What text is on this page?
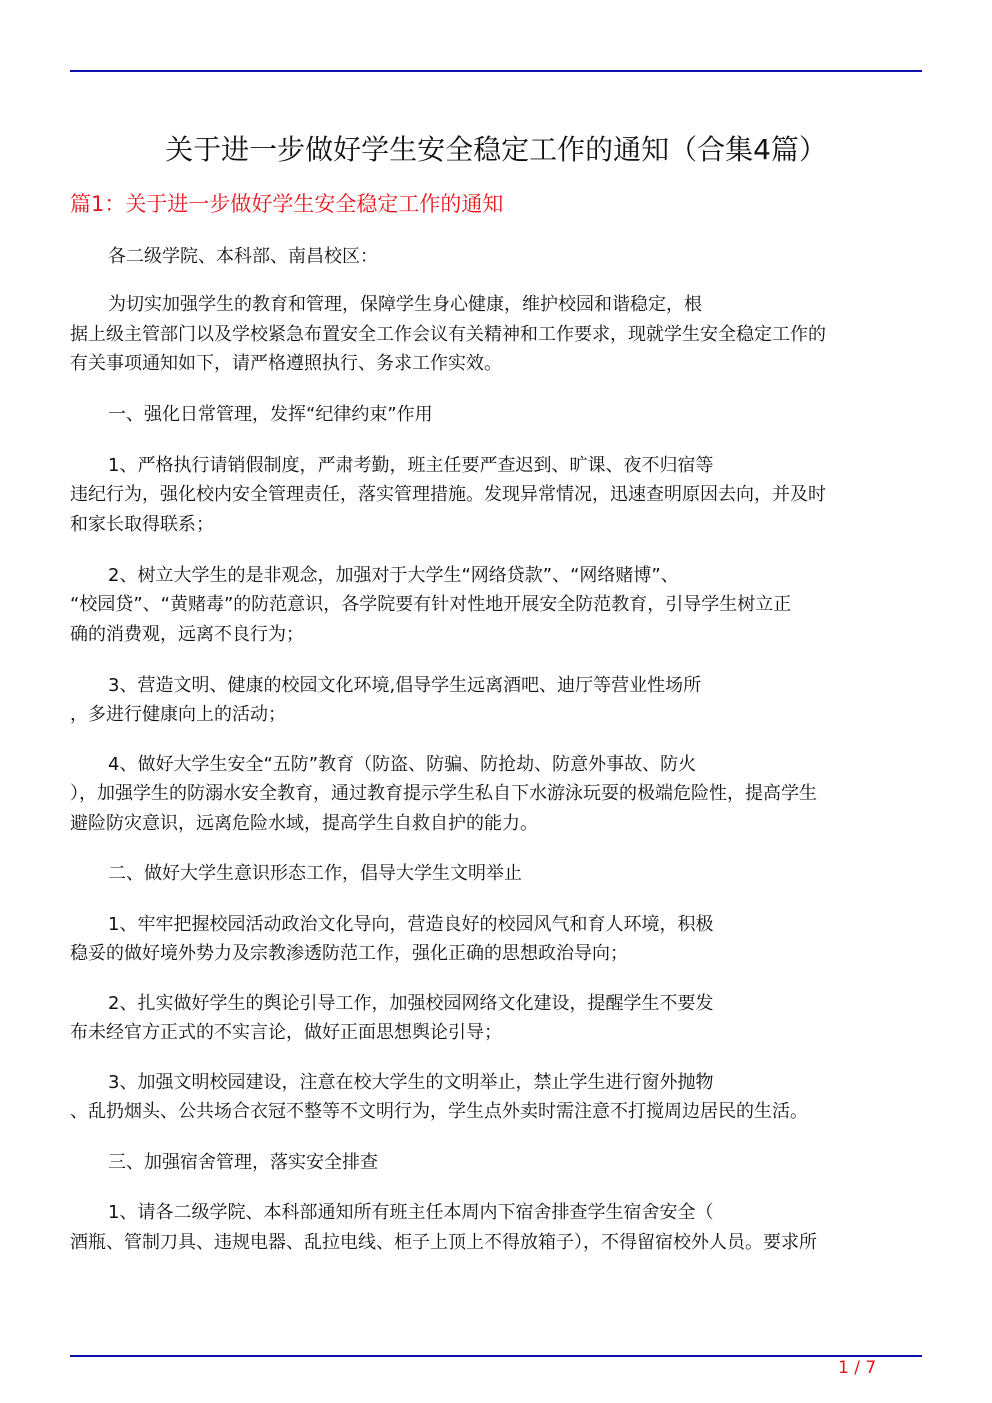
关于进一步做好学生安全稳定工作的通知（合集4篇）
篇1：关于进一步做好学生安全稳定工作的通知
各二级学院、本科部、南昌校区：
为切实加强学生的教育和管理，保障学生身心健康，维护校园和谐稳定，根
据上级主管部门以及学校紧急布置安全工作会议有关精神和工作要求，现就学生安全稳定工作的
有关事项通知如下，请严格遵照执行、务求工作实效。
一、强化日常管理，发挥“纪律约束”作用
1、严格执行请销假制度，严肃考勤，班主任要严查迟到、旷课、夜不归宿等
违纪行为，强化校内安全管理责任，落实管理措施。发现异常情况，迅速查明原因去向，并及时
和家长取得联系；
2、树立大学生的是非观念，加强对于大学生“网络贷款”、“网络赌博”、
“校园贷”、“黄赌毒”的防范意识，各学院要有针对性地开展安全防范教育，引导学生树立正
确的消费观，远离不良行为；
3、营造文明、健康的校园文化环境,倡导学生远离酒吧、迪厅等营业性场所
，多进行健康向上的活动；
4、做好大学生安全“五防”教育（防盗、防骗、防抢劫、防意外事故、防火
），加强学生的防溺水安全教育，通过教育提示学生私自下水游泳玩耍的极端危险性，提高学生
避险防灾意识，远离危险水域，提高学生自救自护的能力。
二、做好大学生意识形态工作，倡导大学生文明举止
1、牢牢把握校园活动政治文化导向，营造良好的校园风气和育人环境，积极
稳妥的做好境外势力及宗教渗透防范工作，强化正确的思想政治导向；
2、扎实做好学生的舆论引导工作，加强校园网络文化建设，提醒学生不要发
布未经官方正式的不实言论，做好正面思想舆论引导；
3、加强文明校园建设，注意在校大学生的文明举止，禁止学生进行窗外抛物
、乱扔烟头、公共场合衣冠不整等不文明行为，学生点外卖时需注意不打搅周边居民的生活。
三、加强宿舍管理，落实安全排查
1、请各二级学院、本科部通知所有班主任本周内下宿舍排查学生宿舍安全（
酒瓶、管制刀具、违规电器、乱拉电线、柜子上顶上不得放箱子），不得留宿校外人员。要求所
1 / 7
